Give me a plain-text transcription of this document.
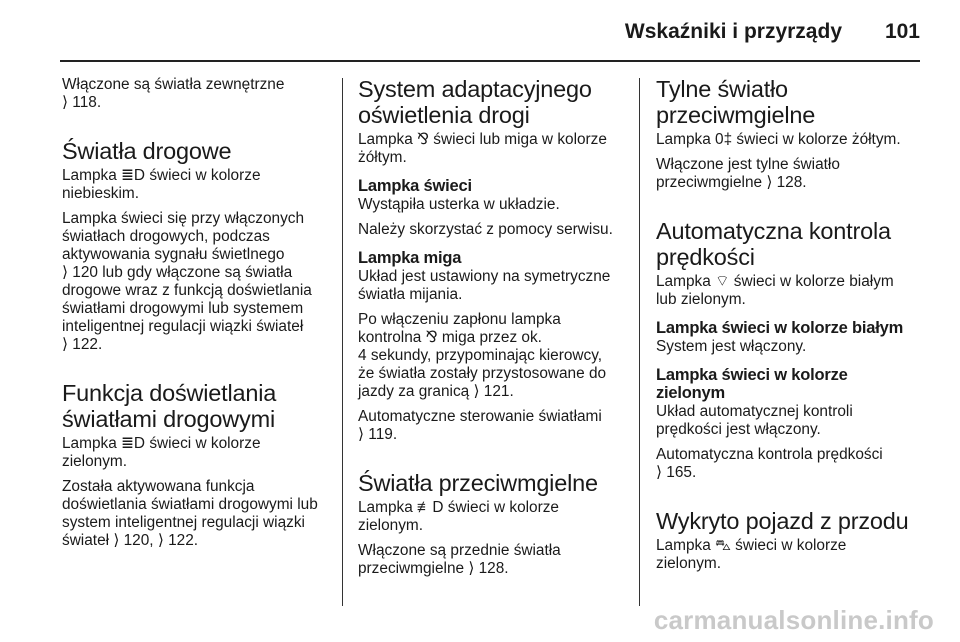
Wskaźniki i przyrządy 101

Włączone są światła zewnętrzne
⟩ 118.

Światła drogowe

Lampka ≣D świeci w kolorze
niebieskim.

Lampka świeci się przy włączonych
światłach drogowych, podczas
aktywowania sygnału świetlnego
⟩ 120 lub gdy włączone są światła
drogowe wraz z funkcją doświetlania
światłami drogowymi lub systemem
inteligentnej regulacji wiązki świateł
⟩ 122.

Funkcja doświetlania
światłami drogowymi

Lampka ≣D świeci w kolorze
zielonym.

Została aktywowana funkcja
doświetlania światłami drogowymi lub
system inteligentnej regulacji wiązki
świateł ⟩ 120, ⟩ 122.

System adaptacyjnego
oświetlenia drogi

Lampka ⅋ świeci lub miga w kolorze
żółtym.

Lampka świeci

Wystąpiła usterka w układzie.

Należy skorzystać z pomocy serwisu.

Lampka miga

Układ jest ustawiony na symetryczne
światła mijania.

Po włączeniu zapłonu lampka
kontrolna ⅋ miga przez ok.
4 sekundy, przypominając kierowcy,
że światła zostały przystosowane do
jazdy za granicą ⟩ 121.

Automatyczne sterowanie światłami
⟩ 119.

Światła przeciwmgielne

Lampka ≢D świeci w kolorze
zielonym.

Włączone są przednie światła
przeciwmgielne ⟩ 128.

Tylne światło
przeciwmgielne

Lampka 0‡ świeci w kolorze żółtym.

Włączone jest tylne światło
przeciwmgielne ⟩ 128.

Automatyczna kontrola
prędkości

Lampka ⌔ świeci w kolorze białym
lub zielonym.

Lampka świeci w kolorze białym

System jest włączony.

Lampka świeci w kolorze
zielonym

Układ automatycznej kontroli
prędkości jest włączony.

Automatyczna kontrola prędkości
⟩ 165.

Wykryto pojazd z przodu

Lampka ⛍ świeci w kolorze
zielonym.

carmanualsonline.info
